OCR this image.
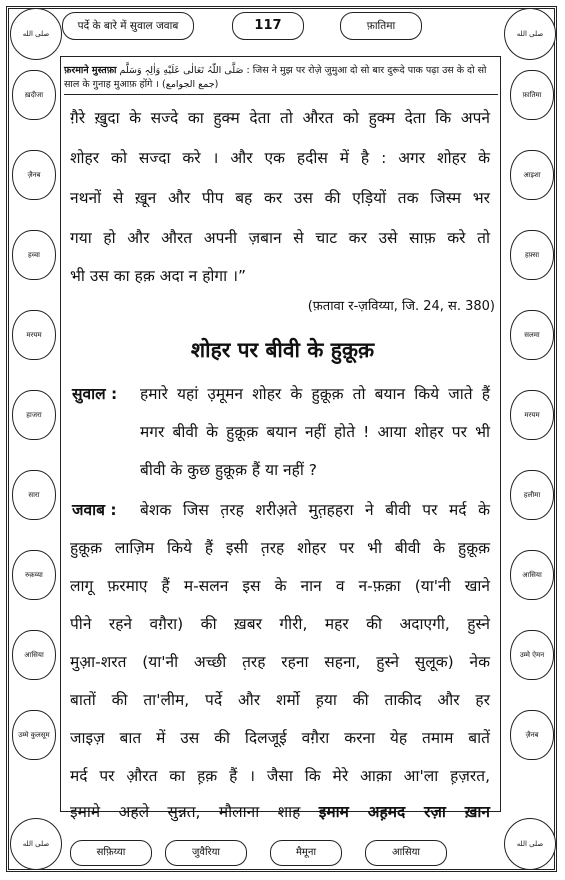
पर्दे के बारे में सुवाल जवाब	117	फ़ातिमा
صلى الله	صلى الله
صلى الله	صلى الله
ख़दीजा
ज़ैनब
हव्वा
मरयम
हाजरा
सारा
रुक़य्या
आसिया
उम्मे कुलसूम
फ़ातिमा
आइशा
हफ़्सा
सलमा
मरयम
हलीमा
आसिया
उम्मे ऐमन
ज़ैनब
सफ़िय्या	जुवैरिया	मैमूना	आसिया
फ़रमाने मुस्तफ़ा صَلَّی اللّٰہُ تَعَالٰی عَلَیْهِ وَاٰلِہٖ وَسَلَّم : जिस ने मुझ पर रोज़े जुमुआ दो सो बार दुरूदे पाक पढ़ा उस के दो सो साल के गुनाह मुआफ़ होंगे । (جمع الجوامع)
ग़ैरे ख़ुदा के सज्दे का हुक्म देता तो औरत को हुक्म देता कि अपने
शोहर को सज्दा करे । और एक हदीस में है : अगर शोहर के
नथनों से ख़ून और पीप बह कर उस की एड़ियों तक जिस्म भर
गया हो और औरत अपनी ज़बान से चाट कर उसे साफ़ करे तो
भी उस का हक़ अदा न होगा ।”
(फ़तावा र-ज़विय्या, जि. 24, स. 380)
शोहर पर बीवी के हुक़ूक़
सुवाल : हमारे यहां उ़मूमन शोहर के हुक़ूक़ तो बयान किये जाते हैं
मगर बीवी के हुक़ूक़ बयान नहीं होते ! आया शोहर पर भी
बीवी के कुछ हुक़ूक़ हैं या नहीं ?
जवाब : बेशक जिस त़रह शरीअ़ते मुत़हहरा ने बीवी पर मर्द के
हुक़ूक़ लाज़िम किये हैं इसी त़रह शोहर पर भी बीवी के हुक़ूक़
लागू फ़रमाए हैं म-सलन इस के नान व न-फ़क़ा (या'नी खाने
पीने रहने वग़ैरा) की ख़बर गीरी, महर की अदाएगी, हुस्ने
मुआ़-शरत (या'नी अच्छी त़रह रहना सहना, हुस्ने सुलूक) नेक
बातों की ता'लीम, पर्दे और शर्मो ह़या की ताकीद और हर
जाइज़ बात में उस की दिलजूई वग़ैरा करना येह तमाम बातें
मर्द पर औ़रत का ह़क़ हैं । जैसा कि मेरे आक़ा आ'ला ह़ज़रत,
इमामे अहले सुन्नत, मौलाना शाह इमाम अह़मद रज़ा ख़ान
